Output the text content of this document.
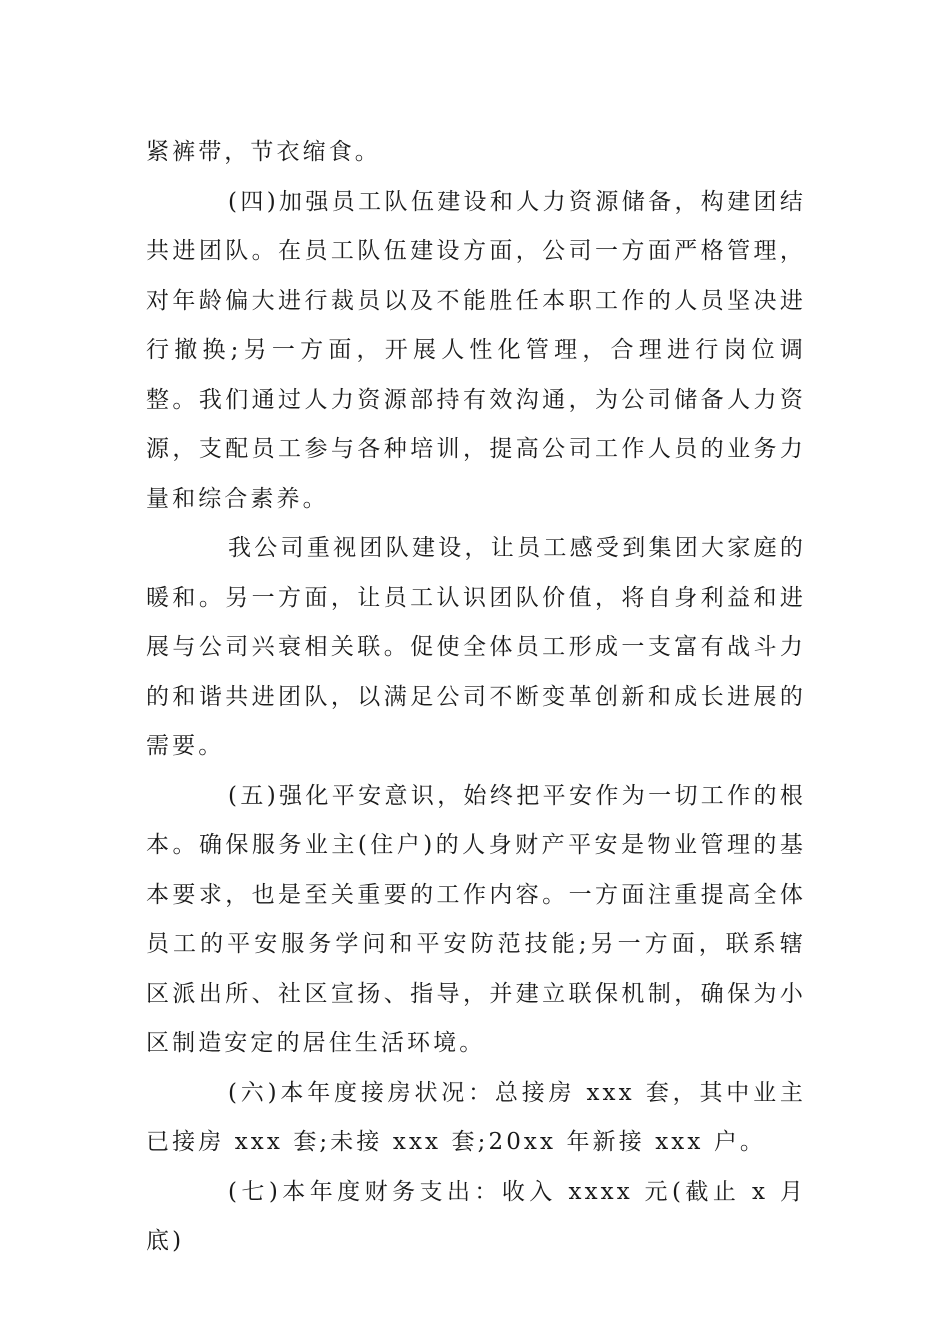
紧裤带，节衣缩食。

(四)加强员工队伍建设和人力资源储备，构建团结共进团队。在员工队伍建设方面，公司一方面严格管理，对年龄偏大进行裁员以及不能胜任本职工作的人员坚决进行撤换;另一方面，开展人性化管理，合理进行岗位调整。我们通过人力资源部持有效沟通，为公司储备人力资源，支配员工参与各种培训，提高公司工作人员的业务力量和综合素养。

我公司重视团队建设，让员工感受到集团大家庭的暖和。另一方面，让员工认识团队价值，将自身利益和进展与公司兴衰相关联。促使全体员工形成一支富有战斗力的和谐共进团队，以满足公司不断变革创新和成长进展的需要。

(五)强化平安意识，始终把平安作为一切工作的根本。确保服务业主(住户)的人身财产平安是物业管理的基本要求，也是至关重要的工作内容。一方面注重提高全体员工的平安服务学问和平安防范技能;另一方面，联系辖区派出所、社区宣扬、指导，并建立联保机制，确保为小区制造安定的居住生活环境。

(六)本年度接房状况：总接房 xxx 套，其中业主已接房 xxx 套;未接 xxx 套;20xx 年新接 xxx 户。

(七)本年度财务支出：收入 xxxx 元(截止 x 月底)
